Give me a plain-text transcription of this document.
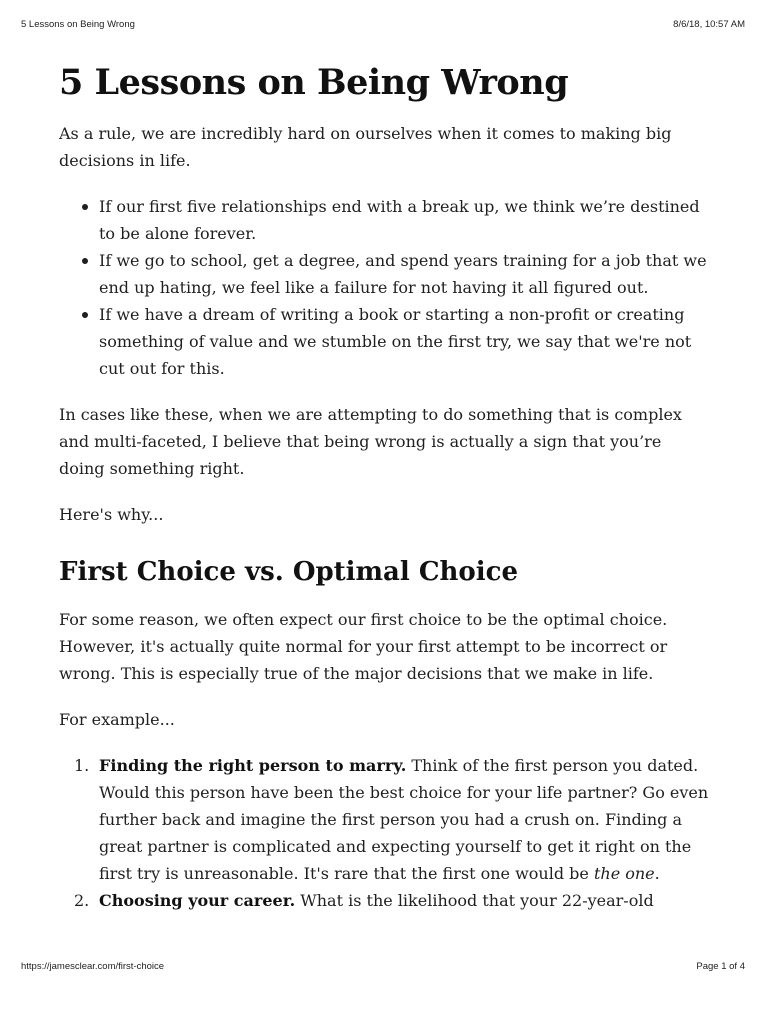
5 Lessons on Being Wrong	8/6/18, 10:57 AM
5 Lessons on Being Wrong

As a rule, we are incredibly hard on ourselves when it comes to making big decisions in life.

If our first five relationships end with a break up, we think we’re destined to be alone forever.
If we go to school, get a degree, and spend years training for a job that we end up hating, we feel like a failure for not having it all figured out.
If we have a dream of writing a book or starting a non-profit or creating something of value and we stumble on the first try, we say that we're not cut out for this.

In cases like these, when we are attempting to do something that is complex and multi-faceted, I believe that being wrong is actually a sign that you’re doing something right.

Here's why...

First Choice vs. Optimal Choice

For some reason, we often expect our first choice to be the optimal choice. However, it's actually quite normal for your first attempt to be incorrect or wrong. This is especially true of the major decisions that we make in life.

For example...

1. Finding the right person to marry. Think of the first person you dated. Would this person have been the best choice for your life partner? Go even further back and imagine the first person you had a crush on. Finding a great partner is complicated and expecting yourself to get it right on the first try is unreasonable. It's rare that the first one would be the one.
2. Choosing your career. What is the likelihood that your 22-year-old
https://jamesclear.com/first-choice	Page 1 of 4
